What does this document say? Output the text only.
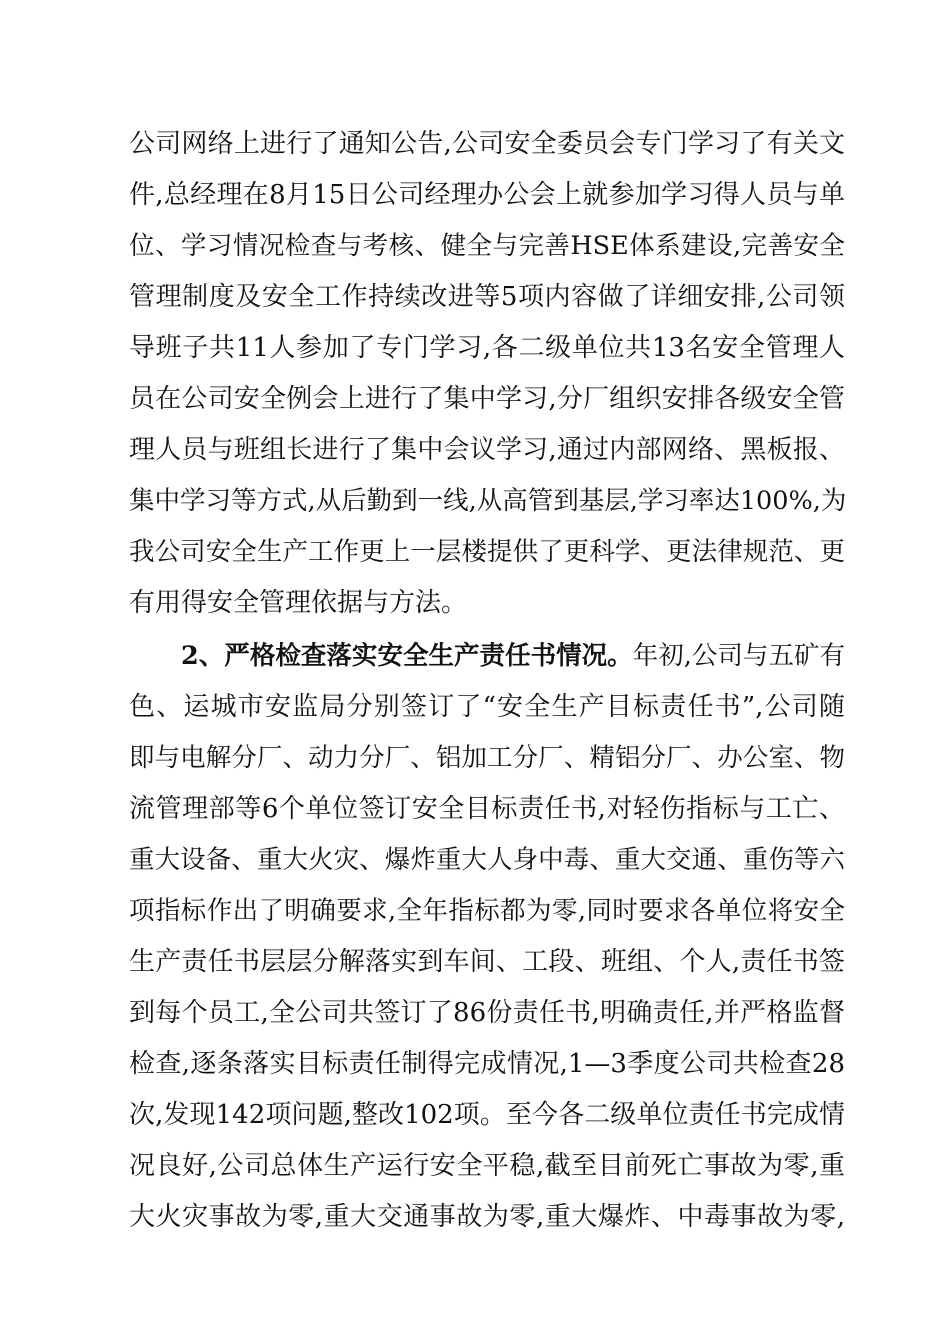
公司网络上进行了通知公告,公司安全委员会专门学习了有关文
件,总经理在8月15日公司经理办公会上就参加学习得人员与单
位、学习情况检查与考核、健全与完善HSE体系建设,完善安全
管理制度及安全工作持续改进等5项内容做了详细安排,公司领
导班子共11人参加了专门学习,各二级单位共13名安全管理人
员在公司安全例会上进行了集中学习,分厂组织安排各级安全管
理人员与班组长进行了集中会议学习,通过内部网络、黑板报、
集中学习等方式,从后勤到一线,从高管到基层,学习率达100%,为
我公司安全生产工作更上一层楼提供了更科学、更法律规范、更
有用得安全管理依据与方法。
2、严格检查落实安全生产责任书情况。年初,公司与五矿有
色、运城市安监局分别签订了“安全生产目标责任书”,公司随
即与电解分厂、动力分厂、铝加工分厂、精铝分厂、办公室、物
流管理部等6个单位签订安全目标责任书,对轻伤指标与工亡、
重大设备、重大火灾、爆炸重大人身中毒、重大交通、重伤等六
项指标作出了明确要求,全年指标都为零,同时要求各单位将安全
生产责任书层层分解落实到车间、工段、班组、个人,责任书签
到每个员工,全公司共签订了86份责任书,明确责任,并严格监督
检查,逐条落实目标责任制得完成情况,1—3季度公司共检查28
次,发现142项问题,整改102项。至今各二级单位责任书完成情
况良好,公司总体生产运行安全平稳,截至目前死亡事故为零,重
大火灾事故为零,重大交通事故为零,重大爆炸、中毒事故为零,
